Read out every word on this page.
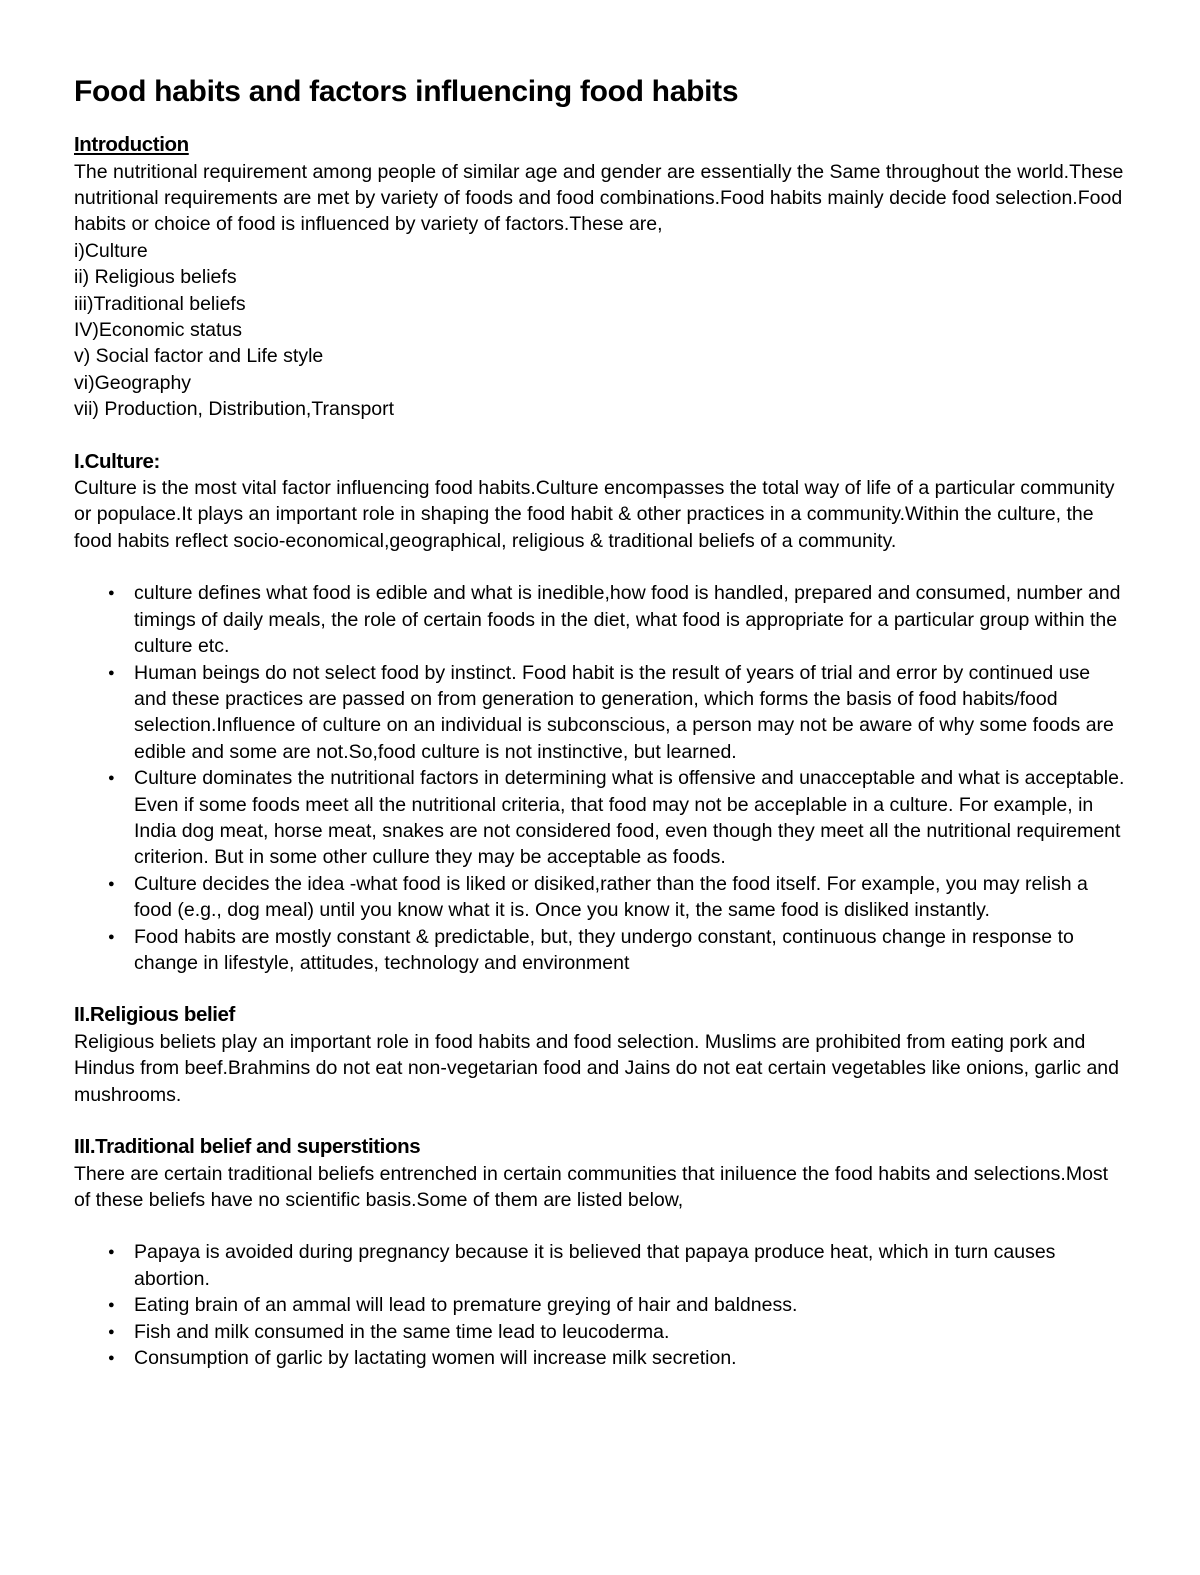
Food habits and factors influencing food habits
Introduction

The nutritional requirement among people of similar age and gender are essentially the Same throughout the world.These nutritional requirements are met by variety of foods and food combinations.Food habits mainly decide food selection.Food habits or choice of food is influenced by variety of factors.These are,

i)Culture
ii) Religious beliefs
iii)Traditional beliefs
IV)Economic status
v) Social factor and Life style
vi)Geography
vii) Production, Distribution,Transport
I.Culture:

Culture is the most vital factor influencing food habits.Culture encompasses the total way of life of a particular community or populace.It plays an important role in shaping the food habit & other practices in a community.Within the culture, the food habits reflect socio-economical,geographical, religious & traditional beliefs of a community.

● culture defines what food is edible and what is inedible,how food is handled, prepared and consumed, number and timings of daily meals, the role of certain foods in the diet, what food is appropriate for a particular group within the culture etc.
● Human beings do not select food by instinct. Food habit is the result of years of trial and error by continued use and these practices are passed on from generation to generation, which forms the basis of food habits/food selection.Influence of culture on an individual is subconscious, a person may not be aware of why some foods are edible and some are not.So,food culture is not instinctive, but learned.
● Culture dominates the nutritional factors in determining what is offensive and unacceptable and what is acceptable. Even if some foods meet all the nutritional criteria, that food may not be acceplable in a culture. For example, in India dog meat, horse meat, snakes are not considered food, even though they meet all the nutritional requirement criterion. But in some other cullure they may be acceptable as foods.
● Culture decides the idea -what food is liked or disiked,rather than the food itself. For example, you may relish a food (e.g., dog meal) until you know what it is. Once you know it, the same food is disliked instantly.
● Food habits are mostly constant & predictable, but, they undergo constant, continuous change in response to change in lifestyle, attitudes, technology and environment
II.Religious belief

Religious beliets play an important role in food habits and food selection. Muslims are prohibited from eating pork and Hindus from beef.Brahmins do not eat non-vegetarian food and Jains do not eat certain vegetables like onions, garlic and mushrooms.

III.Traditional belief and superstitions

There are certain traditional beliefs entrenched in certain communities that iniluence the food habits and selections.Most of these beliefs have no scientific basis.Some of them are listed below,

● Papaya is avoided during pregnancy because it is believed that papaya produce heat, which in turn causes abortion.
● Eating brain of an ammal will lead to premature greying of hair and baldness.
● Fish and milk consumed in the same time lead to leucoderma.
● Consumption of garlic by lactating women will increase milk secretion.
